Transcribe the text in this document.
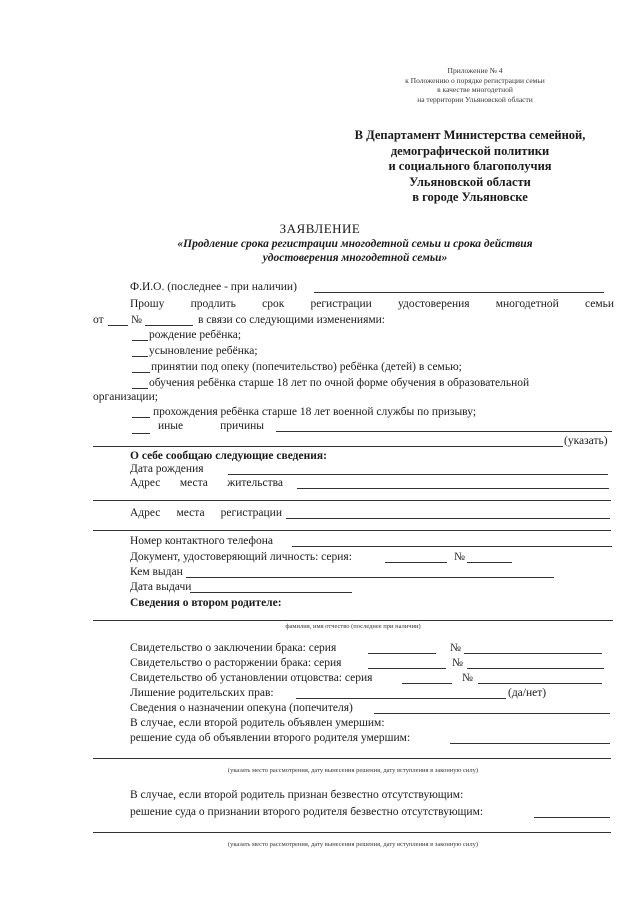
Приложение № 4
к Положению о порядке регистрации семьи
в качестве многодетной
на территории Ульяновской области
В Департамент Министерства семейной,
демографической политики
и социального благополучия
Ульяновской области
в городе Ульяновске
ЗАЯВЛЕНИЕ
«Продление срока регистрации многодетной семьи и срока действия
удостоверения многодетной семьи»
Ф.И.О. (последнее - при наличии)
Прошу продлить срок регистрации удостоверения многодетной семьи
от №	в связи со следующими изменениями:
рождение ребёнка;
усыновление ребёнка;
принятии под опеку (попечительство) ребёнка (детей) в семью;
обучения ребёнка старше 18 лет по очной форме обучения в образовательной
организации;
прохождения ребёнка старше 18 лет военной службы по призыву;
иные	причины
(указать)
О себе сообщаю следующие сведения:
Дата рождения
Адрес места жительства
Адрес места регистрации
Номер контактного телефона
Документ, удостоверяющий личность: серия:	№
Кем выдан
Дата выдачи
Сведения о втором родителе:
фамилия, имя отчество (последнее при наличии)
Свидетельство о заключении брака: серия	№
Свидетельство о расторжении брака: серия	№
Свидетельство об установлении отцовства: серия	№
Лишение родительских прав:	(да/нет)
Сведения о назначении опекуна (попечителя)
В случае, если второй родитель объявлен умершим:
решение суда об объявлении второго родителя умершим:
(указать место рассмотрения, дату вынесения решения, дату вступления в законную силу)
В случае, если второй родитель признан безвестно отсутствующим:
решение суда о признании второго родителя безвестно отсутствующим:
(указать место рассмотрения, дату вынесения решения, дату вступления в законную силу)
